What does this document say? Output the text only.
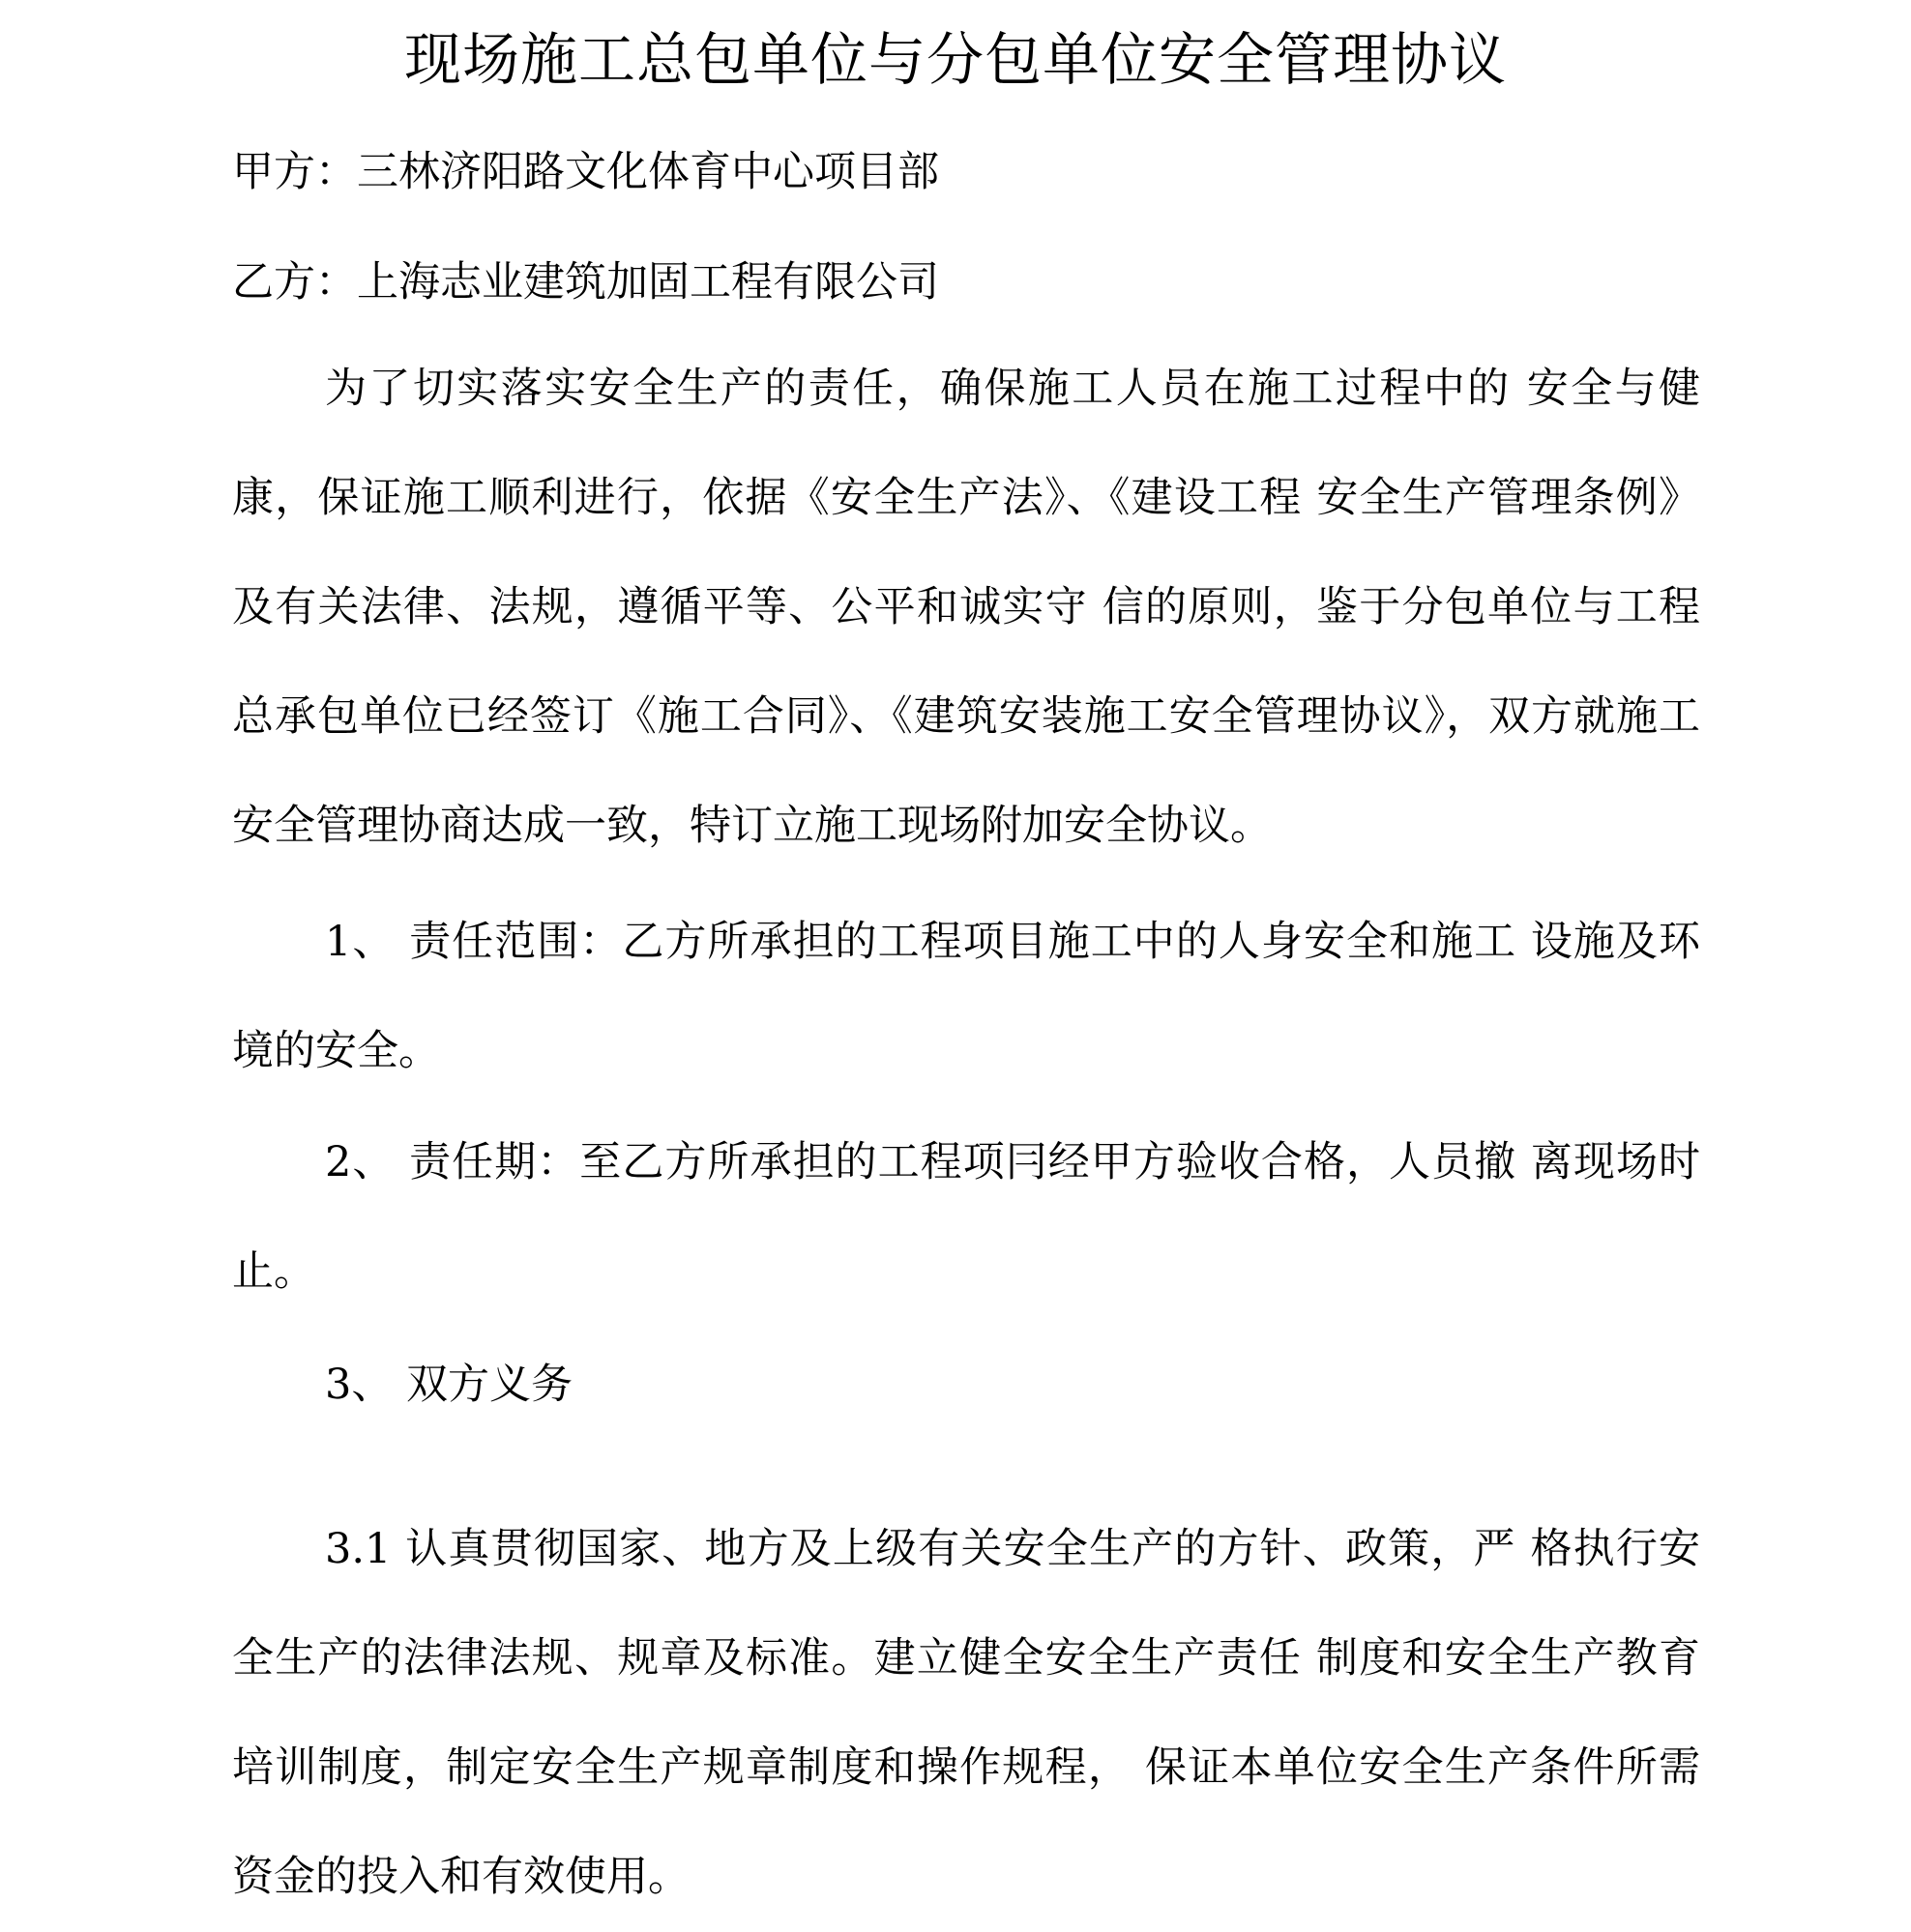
现场施工总包单位与分包单位安全管理协议
甲方：三林济阳路文化体育中心项目部
乙方：上海志业建筑加固工程有限公司

为了切实落实安全生产的责任，确保施工人员在施工过程中的 安全与健康，保证施工顺利进行，依据《安全生产法》、《建设工程 安全生产管理条例》及有关法律、法规，遵循平等、公平和诚实守 信的原则，鉴于分包单位与工程总承包单位已经签订《施工合同》、《建筑安装施工安全管理协议》，双方就施工安全管理协商达成一致，特订立施工现场附加安全协议。

1、 责任范围：乙方所承担的工程项目施工中的人身安全和施工 设施及环境的安全。

2、 责任期：至乙方所承担的工程项冃经甲方验收合格，人员撤 离现场时止。

3、 双方义务

3.1 认真贯彻国家、地方及上级有关安全生产的方针、政策，严 格执行安全生产的法律法规、规章及标准。建立健全安全生产责任 制度和安全生产教育培训制度，制定安全生产规章制度和操作规程， 保证本单位安全生产条件所需资金的投入和有效使用。
